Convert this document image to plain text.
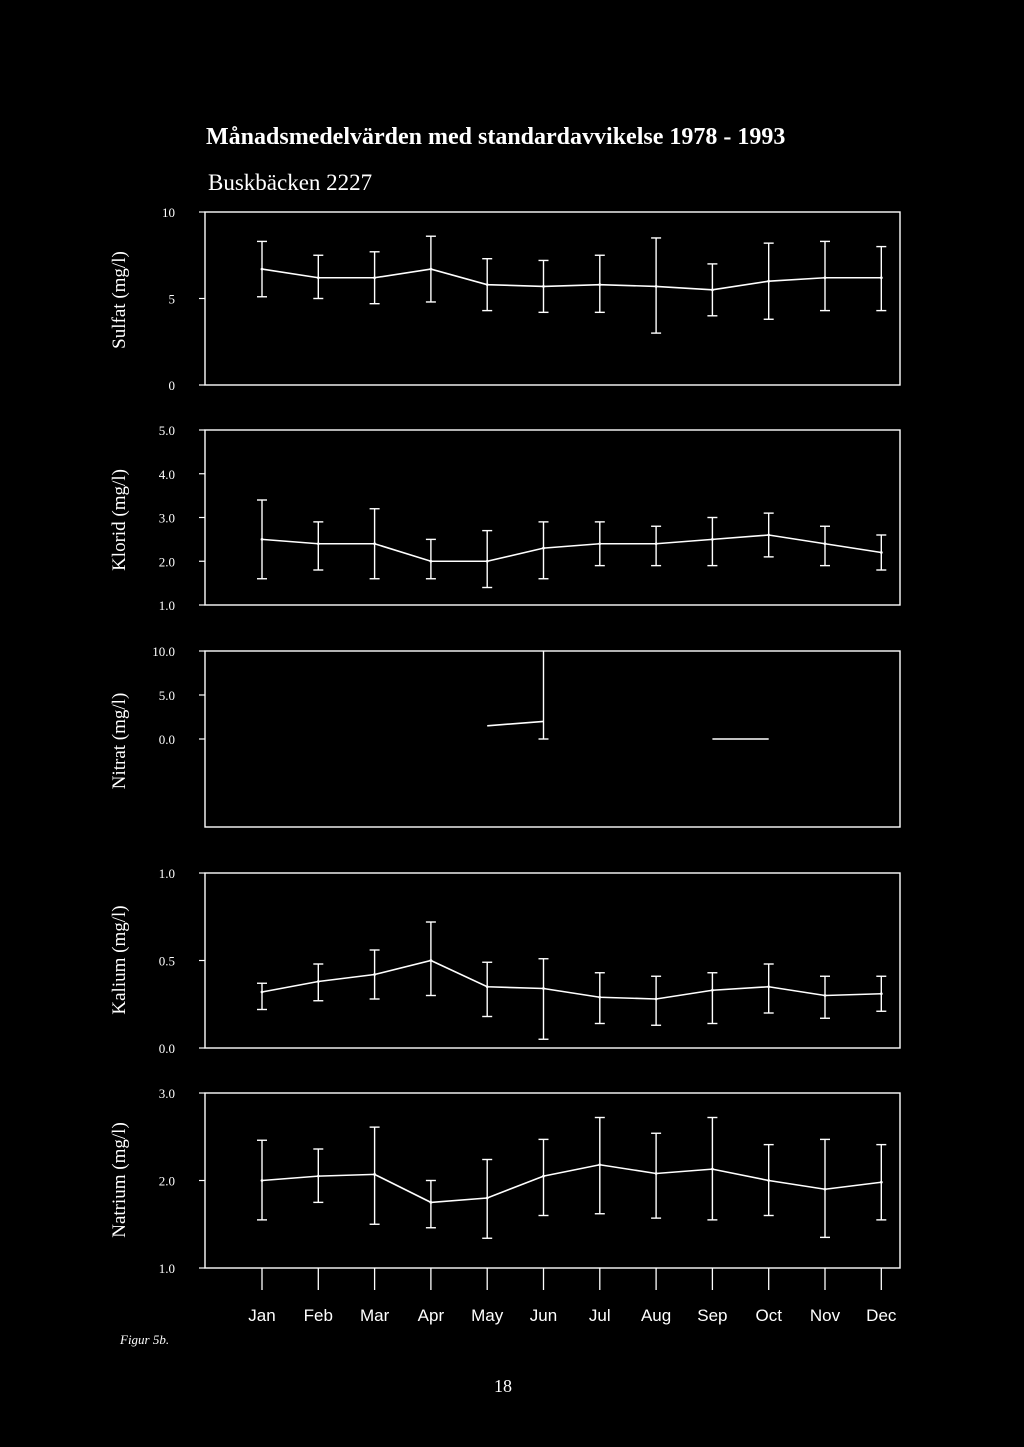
Månadsmedelvärden med standardavvikelse 1978 - 1993
Buskbäcken 2227
Sulfat (mg/l)
0
5
10
Klorid (mg/l)
1.0
2.0
3.0
4.0
5.0
Nitrat (mg/l) 0.0
5.0
10.0
Kalium (mg/l)
0.0
0.5
1.0
Natrium (mg/l)
1.0
2.0
3.0
Jan Feb Mar Apr May Jun Jul Aug Sep Oct Nov Dec
Figur 5b.
18
